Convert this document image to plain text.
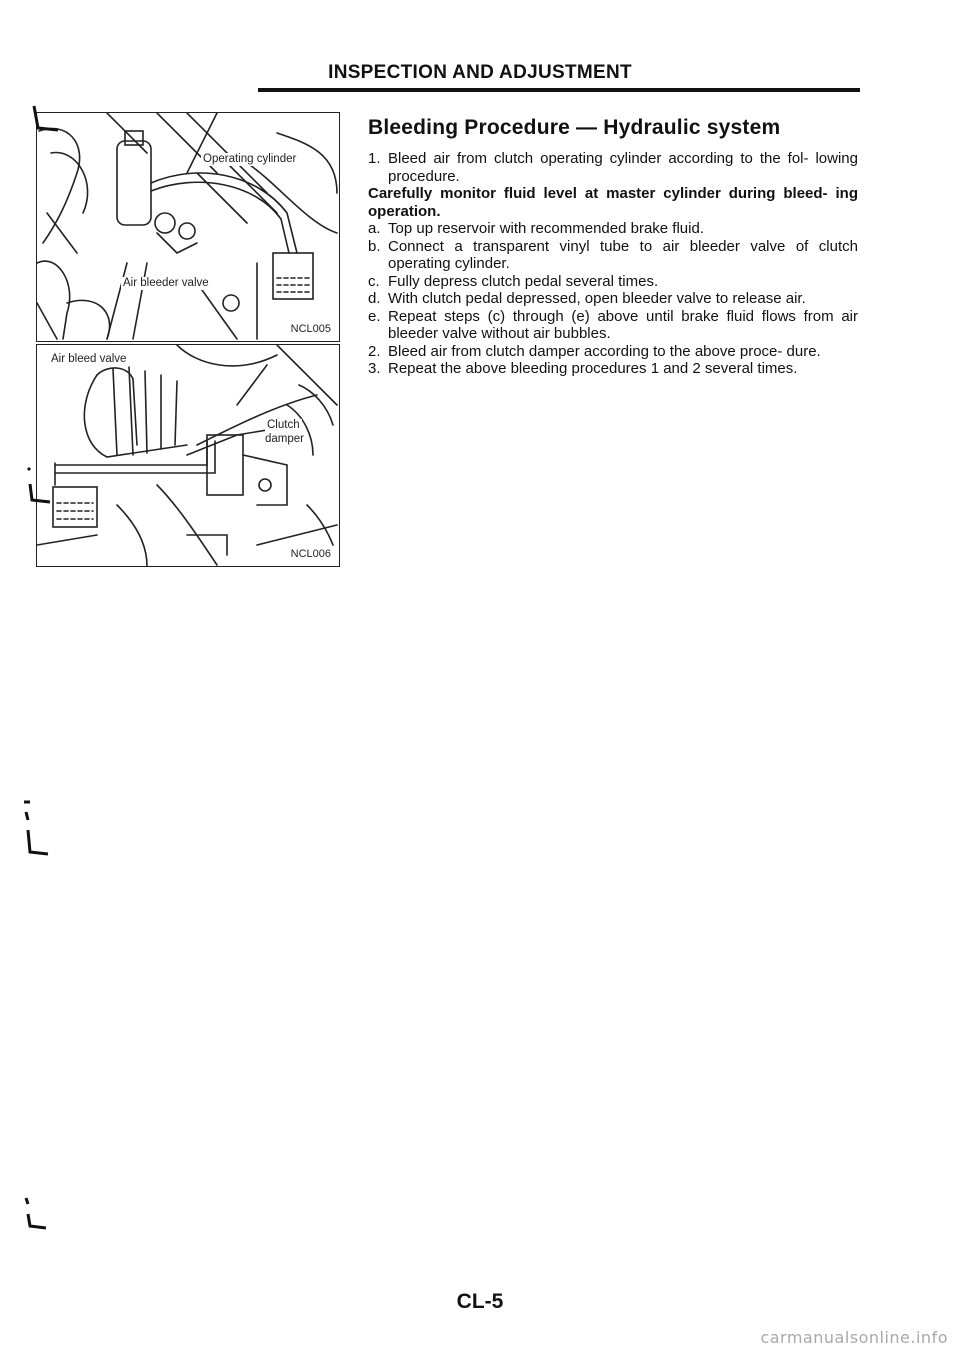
INSPECTION AND ADJUSTMENT
Operating cylinder
Air bleeder valve
NCL005
Air bleed valve
Clutch
damper
NCL006
Bleeding Procedure — Hydraulic system
1. Bleed air from clutch operating cylinder according to the fol- lowing procedure.
Carefully monitor fluid level at master cylinder during bleed- ing operation.
a. Top up reservoir with recommended brake fluid.
b. Connect a transparent vinyl tube to air bleeder valve of clutch operating cylinder.
c. Fully depress clutch pedal several times.
d. With clutch pedal depressed, open bleeder valve to release air.
e. Repeat steps (c) through (e) above until brake fluid flows from air bleeder valve without air bubbles.
2. Bleed air from clutch damper according to the above proce- dure.
3. Repeat the above bleeding procedures 1 and 2 several times.
CL-5
carmanualsonline.info
